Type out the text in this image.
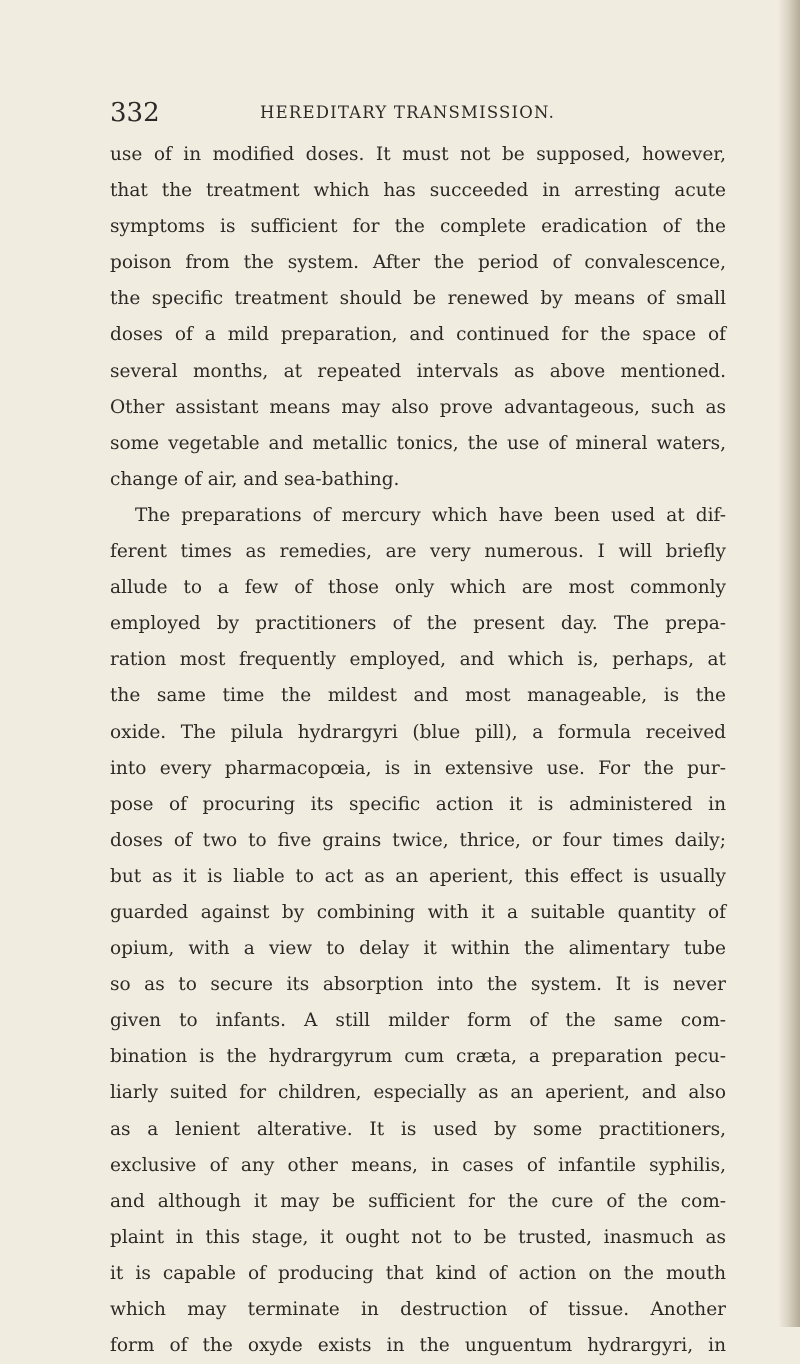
332	HEREDITARY TRANSMISSION.
use of in modified doses. It must not be supposed, however,
that the treatment which has succeeded in arresting acute
symptoms is sufficient for the complete eradication of the
poison from the system. After the period of convalescence,
the specific treatment should be renewed by means of small
doses of a mild preparation, and continued for the space of
several months, at repeated intervals as above mentioned.
Other assistant means may also prove advantageous, such as
some vegetable and metallic tonics, the use of mineral waters,
change of air, and sea-bathing.
The preparations of mercury which have been used at dif-
ferent times as remedies, are very numerous. I will briefly
allude to a few of those only which are most commonly
employed by practitioners of the present day. The prepa-
ration most frequently employed, and which is, perhaps, at
the same time the mildest and most manageable, is the
oxide. The pilula hydrargyri (blue pill), a formula received
into every pharmacopœia, is in extensive use. For the pur-
pose of procuring its specific action it is administered in
doses of two to five grains twice, thrice, or four times daily;
but as it is liable to act as an aperient, this effect is usually
guarded against by combining with it a suitable quantity of
opium, with a view to delay it within the alimentary tube
so as to secure its absorption into the system. It is never
given to infants. A still milder form of the same com-
bination is the hydrargyrum cum cræta, a preparation pecu-
liarly suited for children, especially as an aperient, and also
as a lenient alterative. It is used by some practitioners,
exclusive of any other means, in cases of infantile syphilis,
and although it may be sufficient for the cure of the com-
plaint in this stage, it ought not to be trusted, inasmuch as
it is capable of producing that kind of action on the mouth
which may terminate in destruction of tissue. Another
form of the oxyde exists in the unguentum hydrargyri, in
